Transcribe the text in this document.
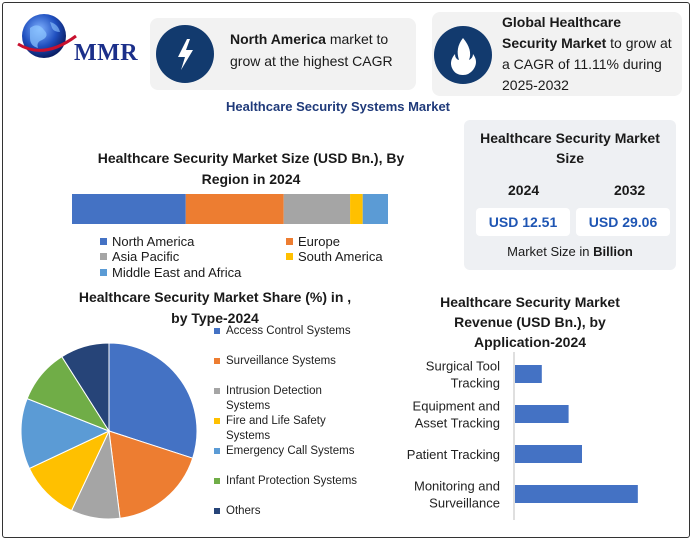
MMR
North America market to grow at the highest CAGR
Global Healthcare Security Market to grow at a CAGR of 11.11% during 2025-2032
Healthcare Security Systems Market
Healthcare Security Market Size
2024	2032
USD 12.51	USD 29.06
Market Size in Billion
Healthcare Security Market Size (USD Bn.), By
Region in 2024
North America	Europe
Asia Pacific	South America
Middle East and Africa
Healthcare Security Market Share (%) in ,
by Type-2024
Access Control Systems
Surveillance Systems
Intrusion Detection Systems
Fire and Life Safety Systems
Emergency Call Systems
Infant Protection Systems
Others
Healthcare Security Market
Revenue (USD Bn.), by
Application-2024
Surgical Tool Tracking
Equipment and Asset Tracking
Patient Tracking
Monitoring and Surveillance
